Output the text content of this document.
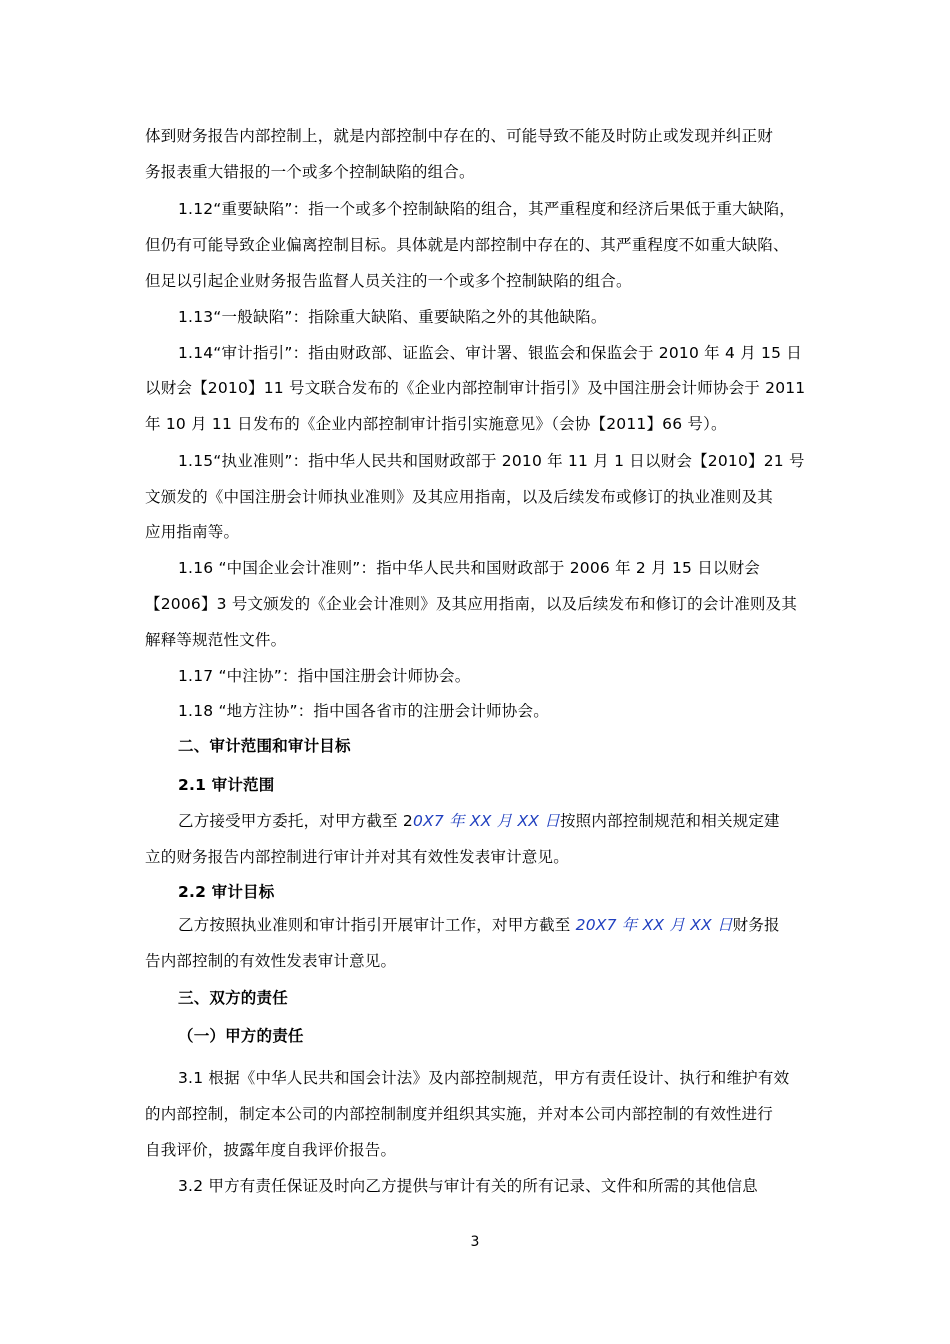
体到财务报告内部控制上，就是内部控制中存在的、可能导致不能及时防止或发现并纠正财
务报表重大错报的一个或多个控制缺陷的组合。
1.12“重要缺陷”：指一个或多个控制缺陷的组合，其严重程度和经济后果低于重大缺陷，
但仍有可能导致企业偏离控制目标。具体就是内部控制中存在的、其严重程度不如重大缺陷、
但足以引起企业财务报告监督人员关注的一个或多个控制缺陷的组合。
1.13“一般缺陷”：指除重大缺陷、重要缺陷之外的其他缺陷。
1.14“审计指引”：指由财政部、证监会、审计署、银监会和保监会于 2010 年 4 月 15 日
以财会【2010】11 号文联合发布的《企业内部控制审计指引》及中国注册会计师协会于 2011
年 10 月 11 日发布的《企业内部控制审计指引实施意见》（会协【2011】66 号）。
1.15“执业准则”：指中华人民共和国财政部于 2010 年 11 月 1 日以财会【2010】21 号
文颁发的《中国注册会计师执业准则》及其应用指南，以及后续发布或修订的执业准则及其
应用指南等。
1.16 “中国企业会计准则”：指中华人民共和国财政部于 2006 年 2 月 15 日以财会
【2006】3 号文颁发的《企业会计准则》及其应用指南，以及后续发布和修订的会计准则及其
解释等规范性文件。
1.17 “中注协”：指中国注册会计师协会。
1.18 “地方注协”：指中国各省市的注册会计师协会。
二、审计范围和审计目标
2.1 审计范围
乙方接受甲方委托，对甲方截至 20X7 年 XX 月 XX 日按照内部控制规范和相关规定建
立的财务报告内部控制进行审计并对其有效性发表审计意见。
2.2 审计目标
乙方按照执业准则和审计指引开展审计工作，对甲方截至 20X7 年 XX 月 XX 日财务报
告内部控制的有效性发表审计意见。
三、双方的责任
（一）甲方的责任
3.1 根据《中华人民共和国会计法》及内部控制规范，甲方有责任设计、执行和维护有效
的内部控制，制定本公司的内部控制制度并组织其实施，并对本公司内部控制的有效性进行
自我评价，披露年度自我评价报告。
3.2 甲方有责任保证及时向乙方提供与审计有关的所有记录、文件和所需的其他信息
3
